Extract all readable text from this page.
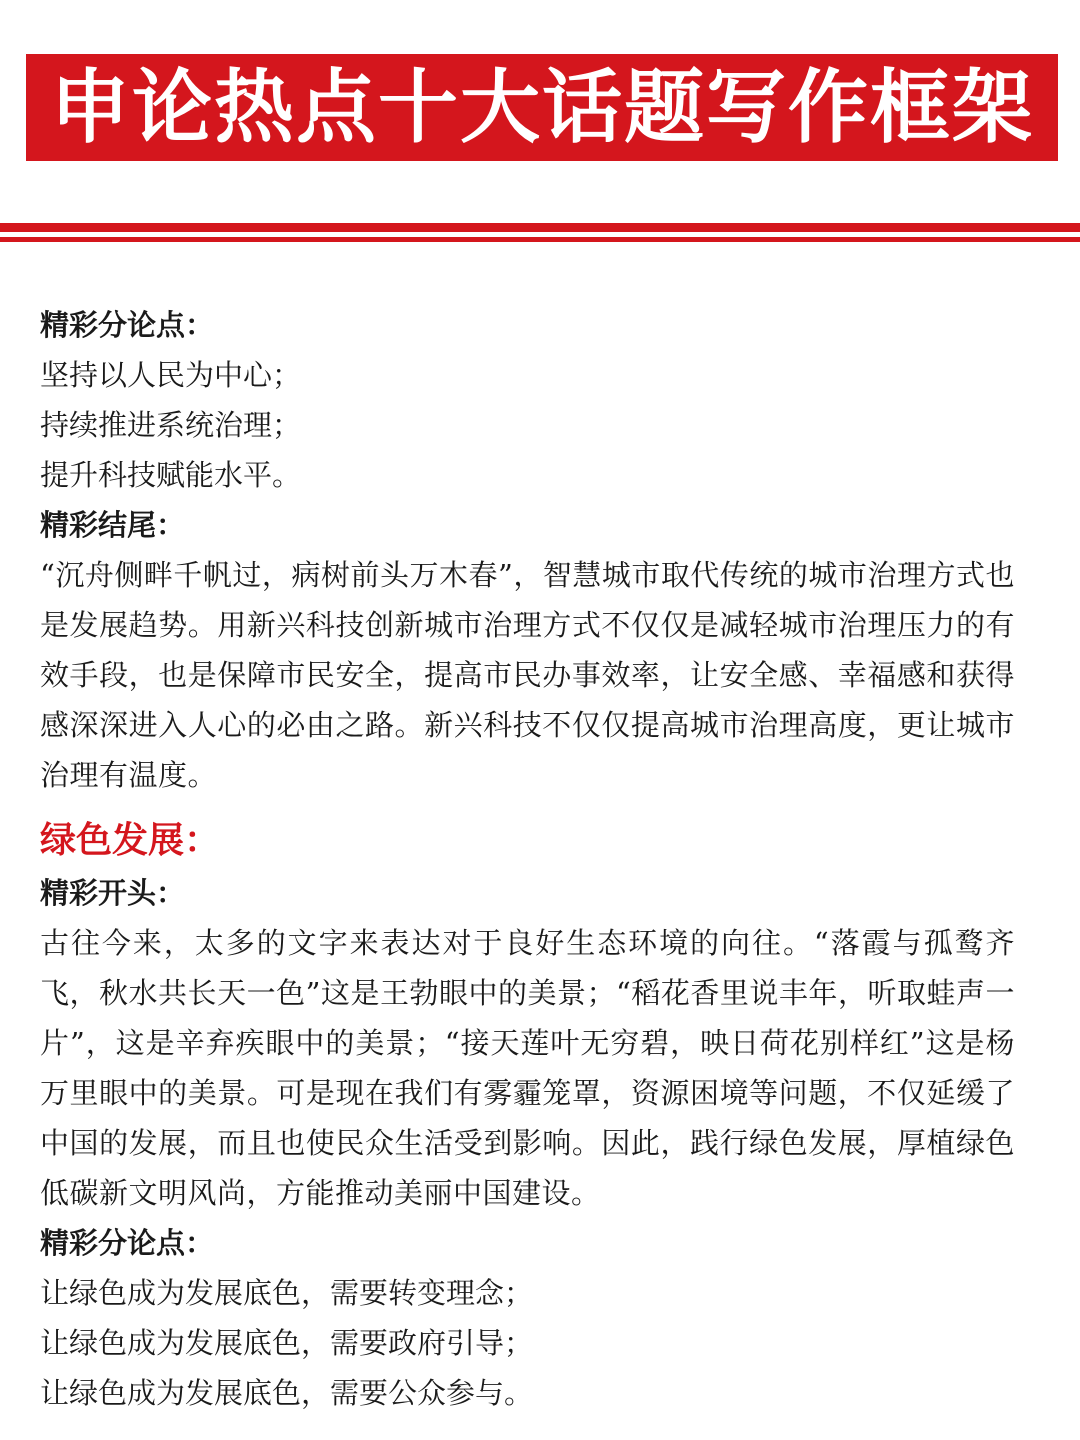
申论热点十大话题写作框架
精彩分论点：
坚持以人民为中心；
持续推进系统治理；
提升科技赋能水平。
精彩结尾：

“沉舟侧畔千帆过，病树前头万木春”，智慧城市取代传统的城市治理方式也是发展趋势。用新兴科技创新城市治理方式不仅仅是减轻城市治理压力的有效手段，也是保障市民安全，提高市民办事效率，让安全感、幸福感和获得感深深进入人心的必由之路。新兴科技不仅仅提高城市治理高度，更让城市治理有温度。

绿色发展：
精彩开头：

古往今来，太多的文字来表达对于良好生态环境的向往。“落霞与孤鹜齐飞，秋水共长天一色”这是王勃眼中的美景；“稻花香里说丰年，听取蛙声一片”，这是辛弃疾眼中的美景；“接天莲叶无穷碧，映日荷花别样红”这是杨万里眼中的美景。可是现在我们有雾霾笼罩，资源困境等问题，不仅延缓了中国的发展，而且也使民众生活受到影响。因此，践行绿色发展，厚植绿色低碳新文明风尚，方能推动美丽中国建设。

精彩分论点：
让绿色成为发展底色，需要转变理念；
让绿色成为发展底色，需要政府引导；
让绿色成为发展底色，需要公众参与。
